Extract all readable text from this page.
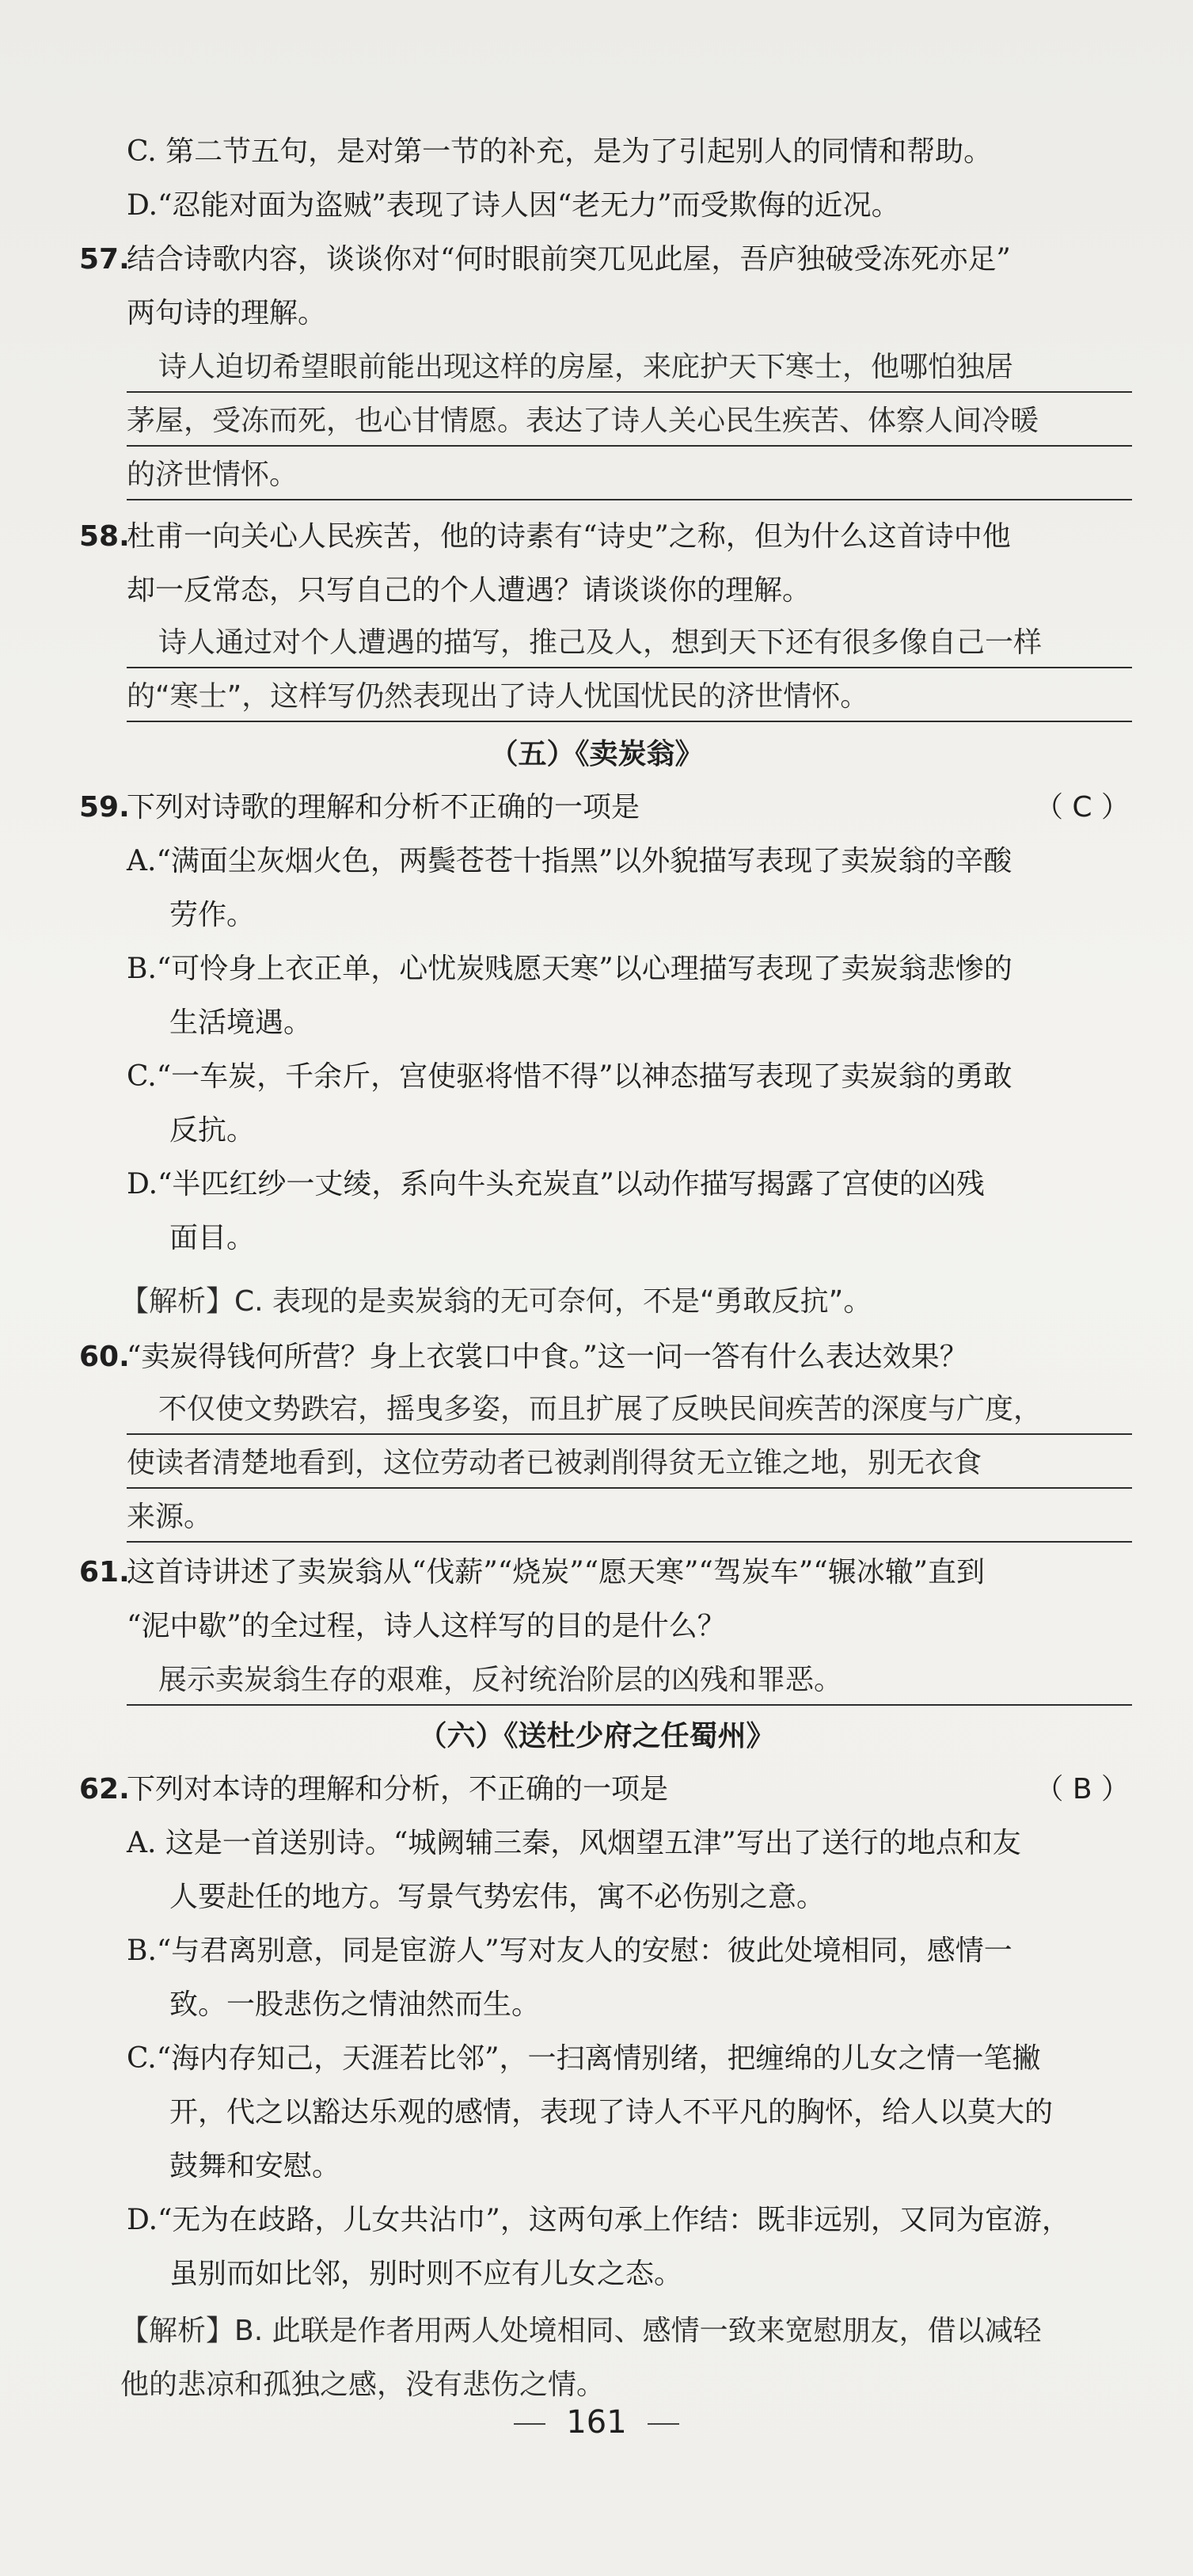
C. 第二节五句，是对第一节的补充，是为了引起别人的同情和帮助。
D.“忍能对面为盗贼”表现了诗人因“老无力”而受欺侮的近况。
57.
结合诗歌内容，谈谈你对“何时眼前突兀见此屋，吾庐独破受冻死亦足”
两句诗的理解。
诗人迫切希望眼前能出现这样的房屋，来庇护天下寒士，他哪怕独居
茅屋，受冻而死，也心甘情愿。表达了诗人关心民生疾苦、体察人间冷暖
的济世情怀。
58.
杜甫一向关心人民疾苦，他的诗素有“诗史”之称，但为什么这首诗中他
却一反常态，只写自己的个人遭遇？请谈谈你的理解。
诗人通过对个人遭遇的描写，推己及人，想到天下还有很多像自己一样
的“寒士”，这样写仍然表现出了诗人忧国忧民的济世情怀。
（五）《卖炭翁》
59.
下列对诗歌的理解和分析不正确的一项是	（ C ）
A.“满面尘灰烟火色，两鬓苍苍十指黑”以外貌描写表现了卖炭翁的辛酸
劳作。
B.“可怜身上衣正单，心忧炭贱愿天寒”以心理描写表现了卖炭翁悲惨的
生活境遇。
C.“一车炭，千余斤，宫使驱将惜不得”以神态描写表现了卖炭翁的勇敢
反抗。
D.“半匹红纱一丈绫，系向牛头充炭直”以动作描写揭露了宫使的凶残
面目。
【解析】C. 表现的是卖炭翁的无可奈何，不是“勇敢反抗”。
60.
“卖炭得钱何所营？身上衣裳口中食。”这一问一答有什么表达效果？
不仅使文势跌宕，摇曳多姿，而且扩展了反映民间疾苦的深度与广度，
使读者清楚地看到，这位劳动者已被剥削得贫无立锥之地，别无衣食
来源。
61.
这首诗讲述了卖炭翁从“伐薪”“烧炭”“愿天寒”“驾炭车”“辗冰辙”直到
“泥中歇”的全过程，诗人这样写的目的是什么？
展示卖炭翁生存的艰难，反衬统治阶层的凶残和罪恶。
（六）《送杜少府之任蜀州》
62.
下列对本诗的理解和分析，不正确的一项是	（ B ）
A. 这是一首送别诗。“城阙辅三秦，风烟望五津”写出了送行的地点和友
人要赴任的地方。写景气势宏伟，寓不必伤别之意。
B.“与君离别意，同是宦游人”写对友人的安慰：彼此处境相同，感情一
致。一股悲伤之情油然而生。
C.“海内存知己，天涯若比邻”，一扫离情别绪，把缠绵的儿女之情一笔撇
开，代之以豁达乐观的感情，表现了诗人不平凡的胸怀，给人以莫大的
鼓舞和安慰。
D.“无为在歧路，儿女共沾巾”，这两句承上作结：既非远别，又同为宦游，
虽别而如比邻，别时则不应有儿女之态。
【解析】B. 此联是作者用两人处境相同、感情一致来宽慰朋友，借以减轻
他的悲凉和孤独之感，没有悲伤之情。
161
